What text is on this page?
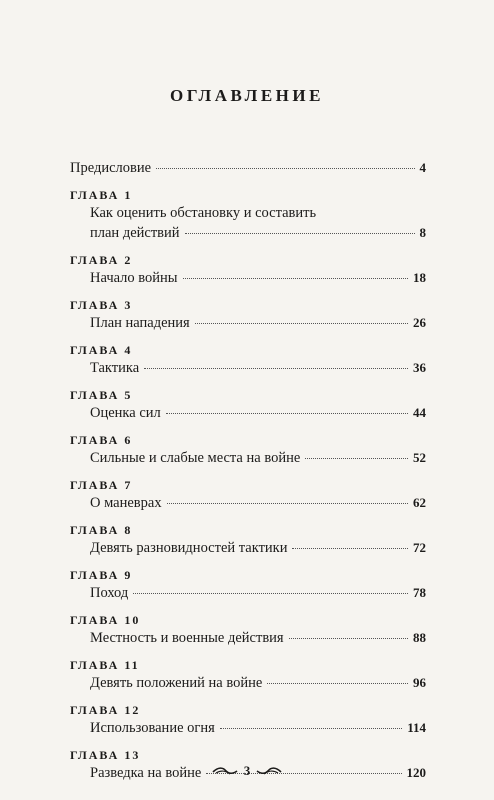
ОГЛАВЛЕНИЕ
Предисловие	4
ГЛАВА 1
Как оценить обстановку и составить
план действий	8
ГЛАВА 2
Начало войны	18
ГЛАВА 3
План нападения	26
ГЛАВА 4
Тактика	36
ГЛАВА 5
Оценка сил	44
ГЛАВА 6
Сильные и слабые места на войне	52
ГЛАВА 7
О маневрах	62
ГЛАВА 8
Девять разновидностей тактики	72
ГЛАВА 9
Поход	78
ГЛАВА 10
Местность и военные действия	88
ГЛАВА 11
Девять положений на войне	96
ГЛАВА 12
Использование огня	114
ГЛАВА 13
Разведка на войне	120
3
